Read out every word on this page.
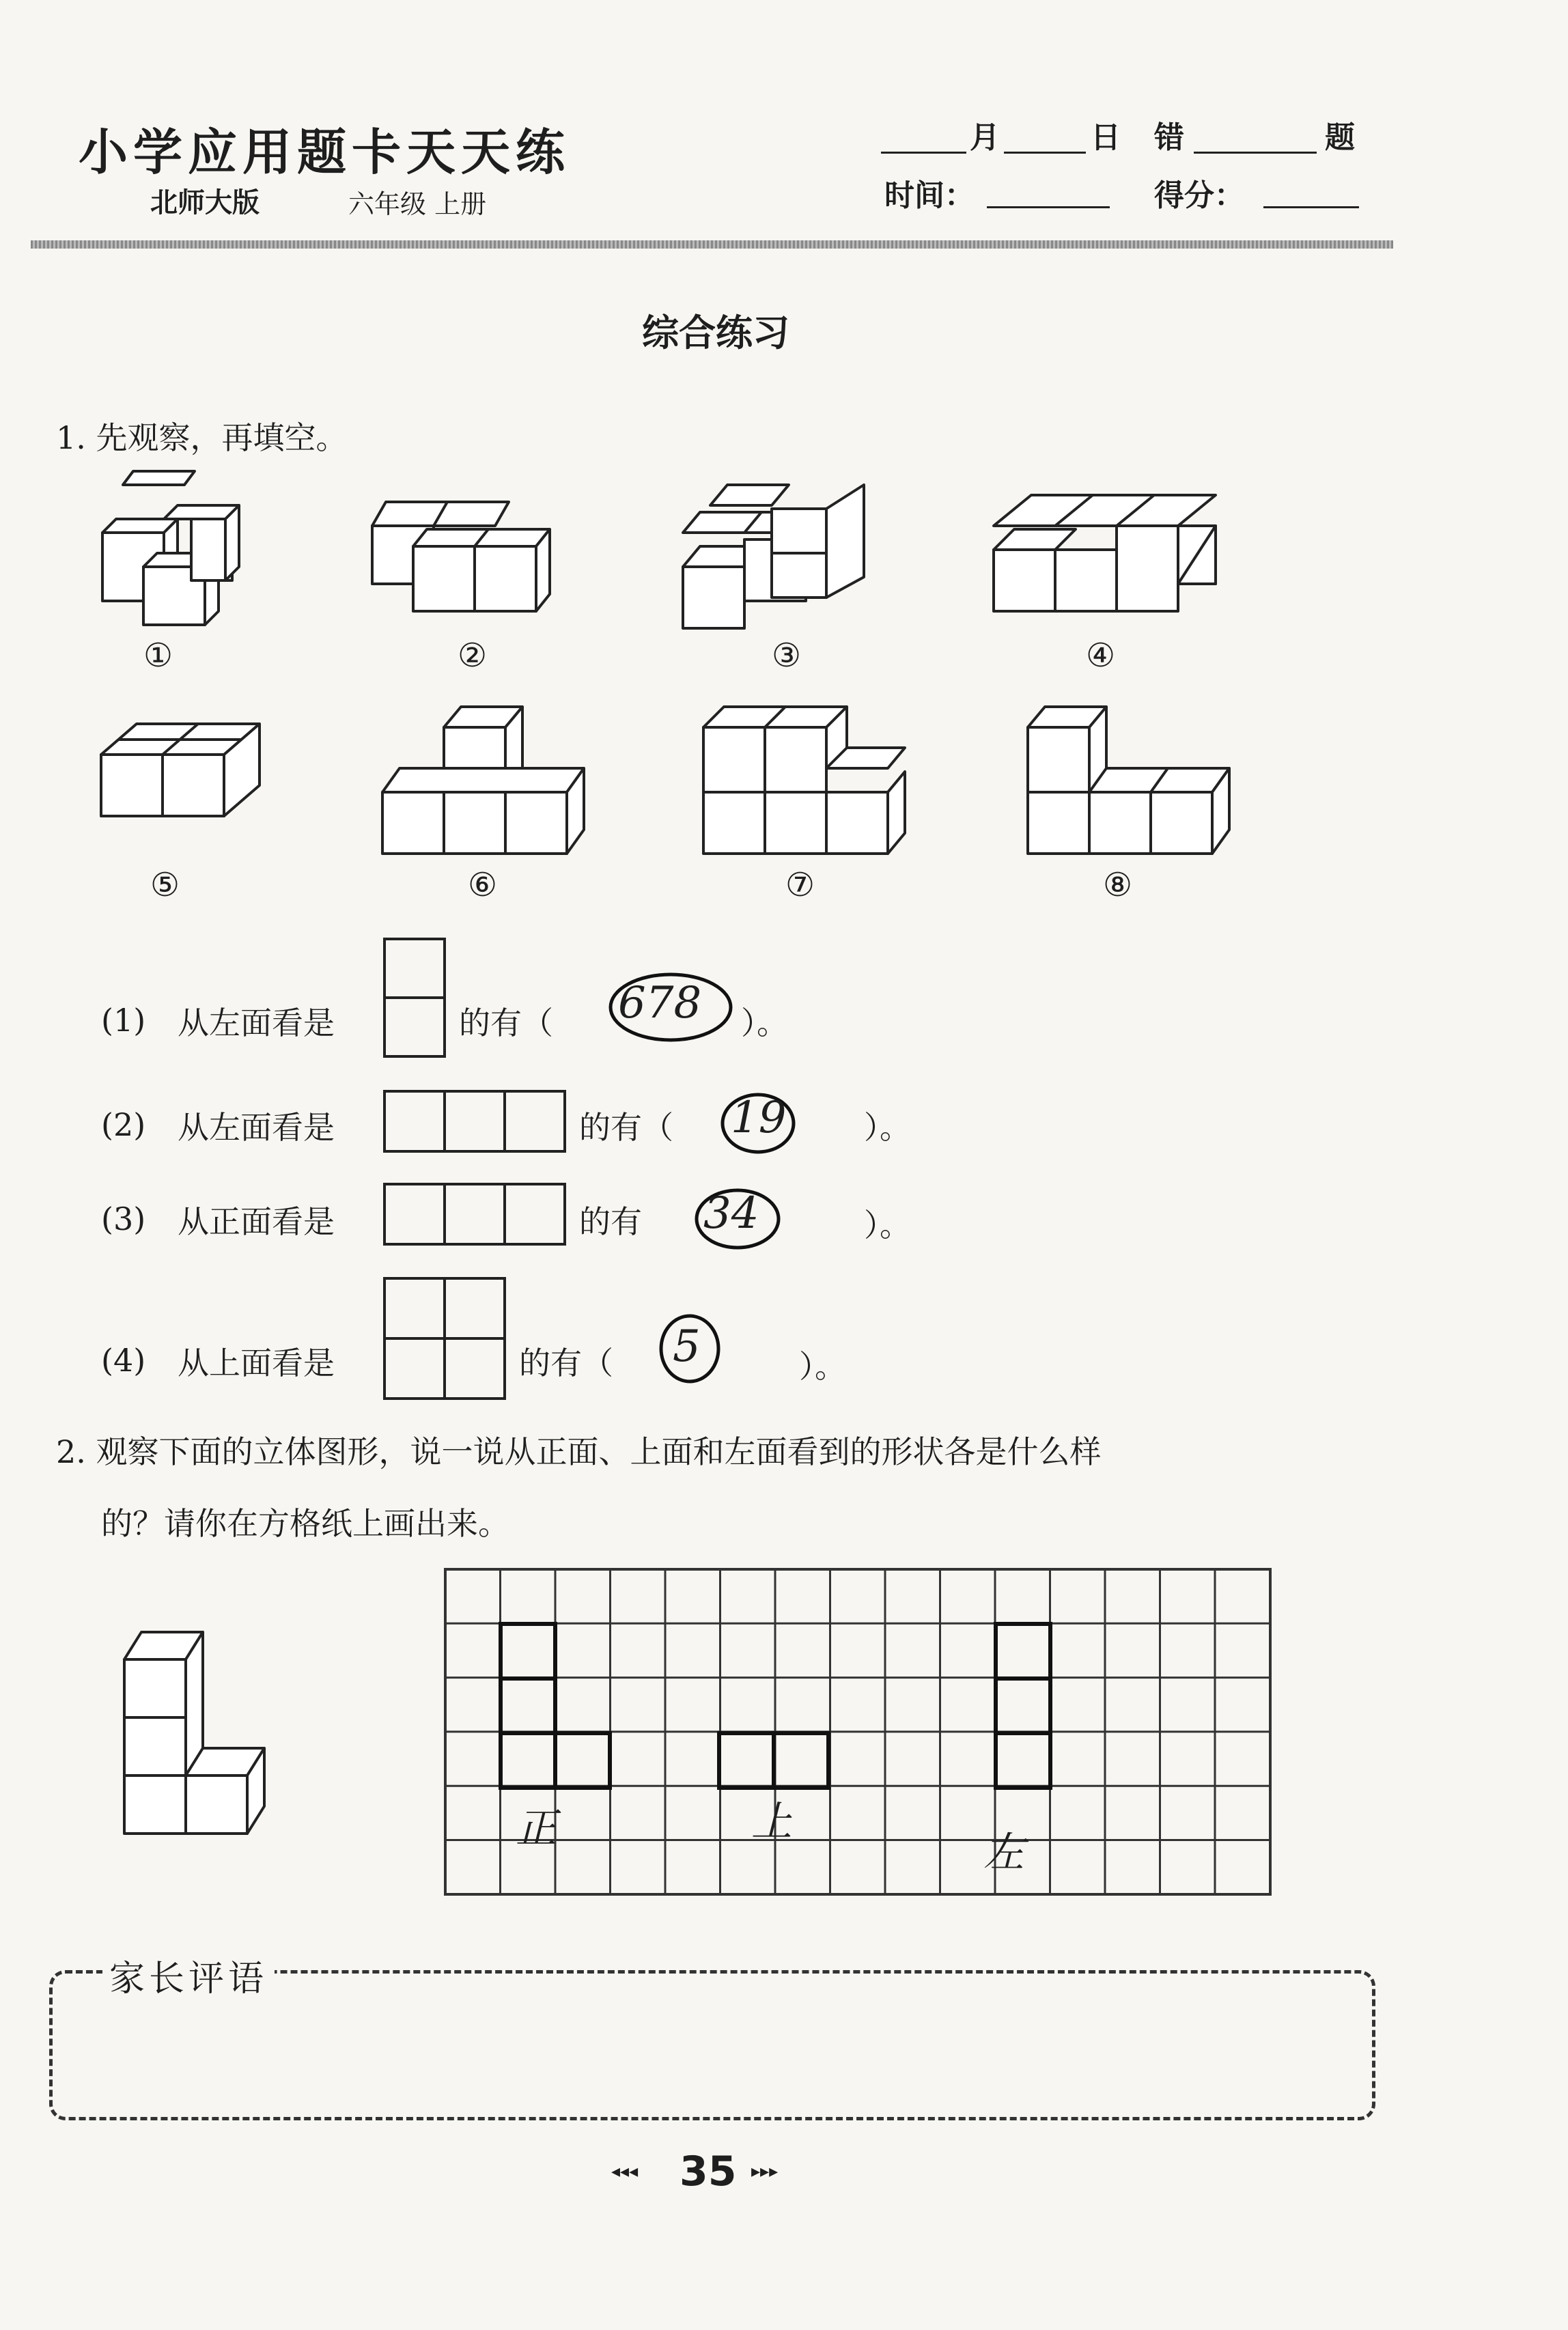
小学应用题卡天天练
北师大版	六年级 上册
月	日 错	题
时间：	得分：
综合练习
1. 先观察，再填空。
①	②	③	④
⑤	⑥	⑦	⑧
(1) 从左面看是	的有（ 678 ）。
(2) 从左面看是	的有（ 19 ）。
(3) 从正面看是	的有 34	）。
(4) 从上面看是	的有（ 5	）。
2. 观察下面的立体图形，说一说从正面、上面和左面看到的形状各是什么样
的？请你在方格纸上画出来。
正	上
左
家长评语
◂◂◂ 35 ▸▸▸
